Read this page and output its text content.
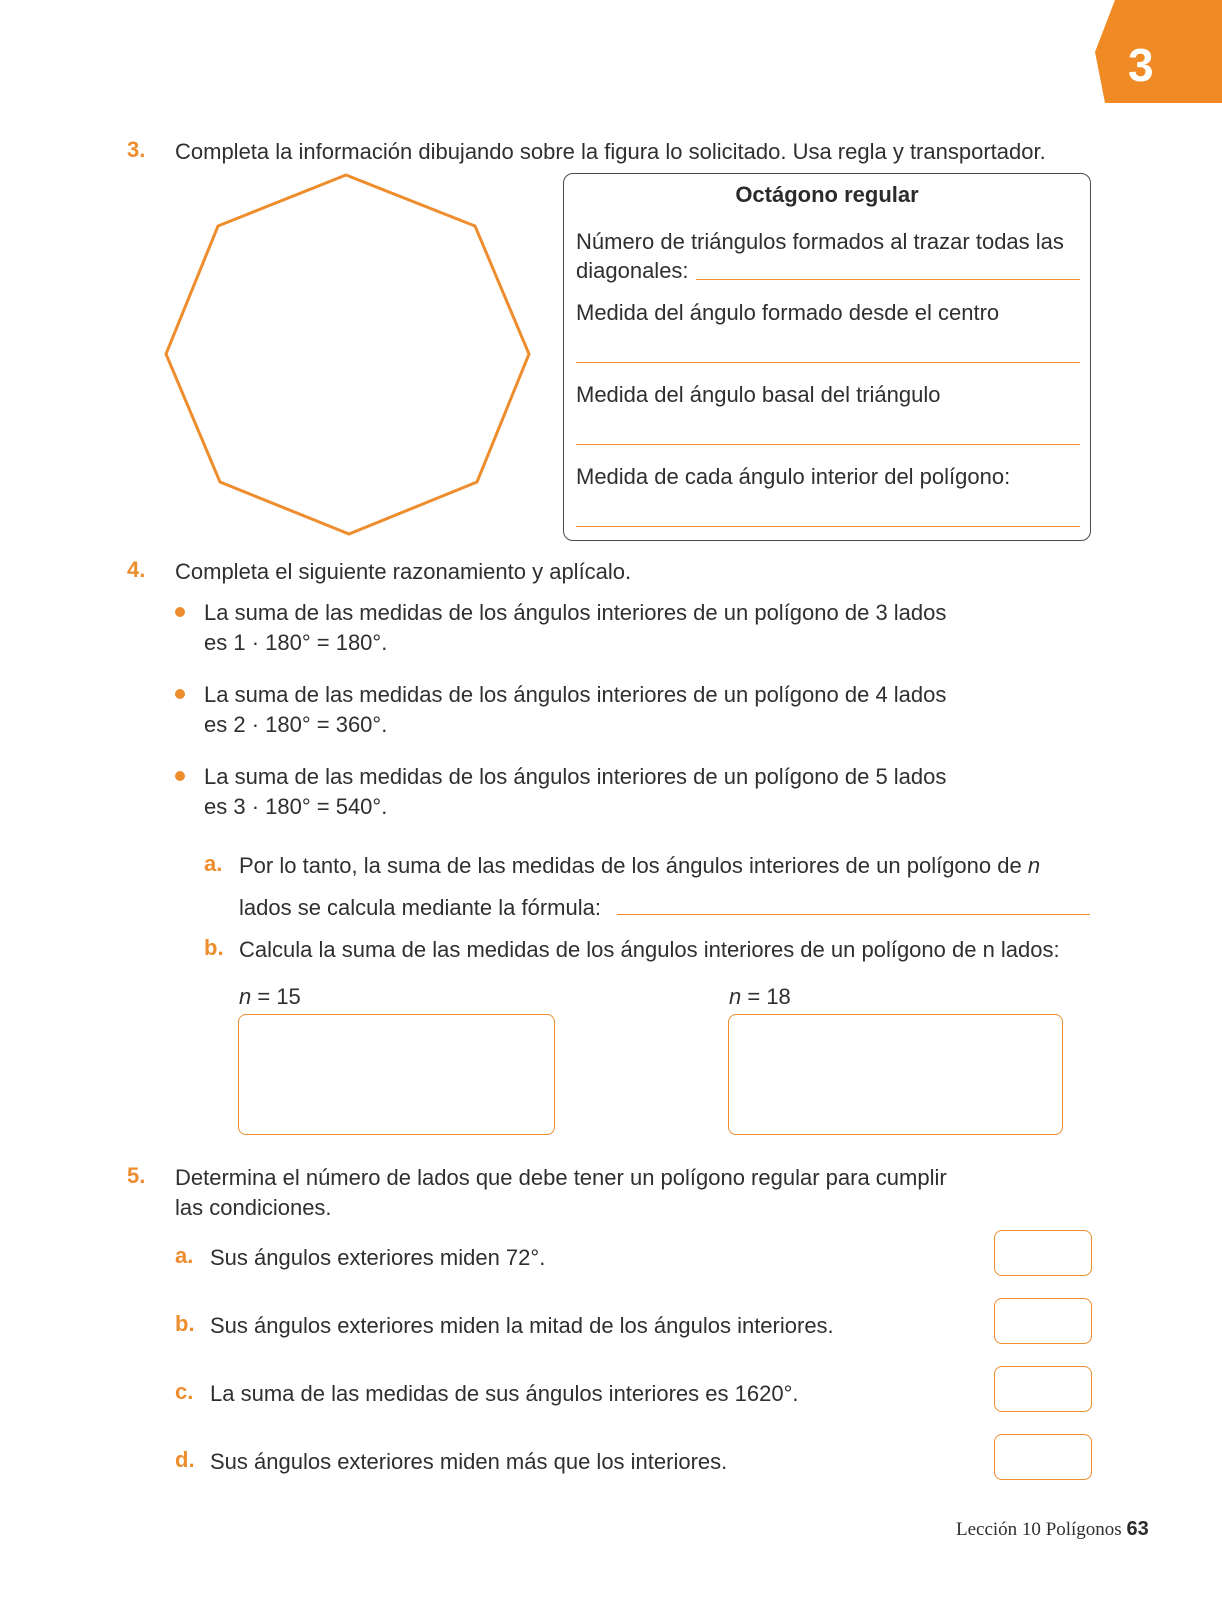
3
3. Completa la información dibujando sobre la figura lo solicitado. Usa regla y transportador.
Octágono regular
Número de triángulos formados al trazar todas las
diagonales:
Medida del ángulo formado desde el centro
Medida del ángulo basal del triángulo
Medida de cada ángulo interior del polígono:
4. Completa el siguiente razonamiento y aplícalo.
La suma de las medidas de los ángulos interiores de un polígono de 3 lados
es 1 · 180° = 180°.
La suma de las medidas de los ángulos interiores de un polígono de 4 lados
es 2 · 180° = 360°.
La suma de las medidas de los ángulos interiores de un polígono de 5 lados
es 3 · 180° = 540°.
a. Por lo tanto, la suma de las medidas de los ángulos interiores de un polígono de n
lados se calcula mediante la fórmula:
b. Calcula la suma de las medidas de los ángulos interiores de un polígono de n lados:
n = 15	n = 18
5. Determina el número de lados que debe tener un polígono regular para cumplir
las condiciones.
a. Sus ángulos exteriores miden 72°.
b. Sus ángulos exteriores miden la mitad de los ángulos interiores.
c. La suma de las medidas de sus ángulos interiores es 1620°.
d. Sus ángulos exteriores miden más que los interiores.
Lección 10 Polígonos 63
